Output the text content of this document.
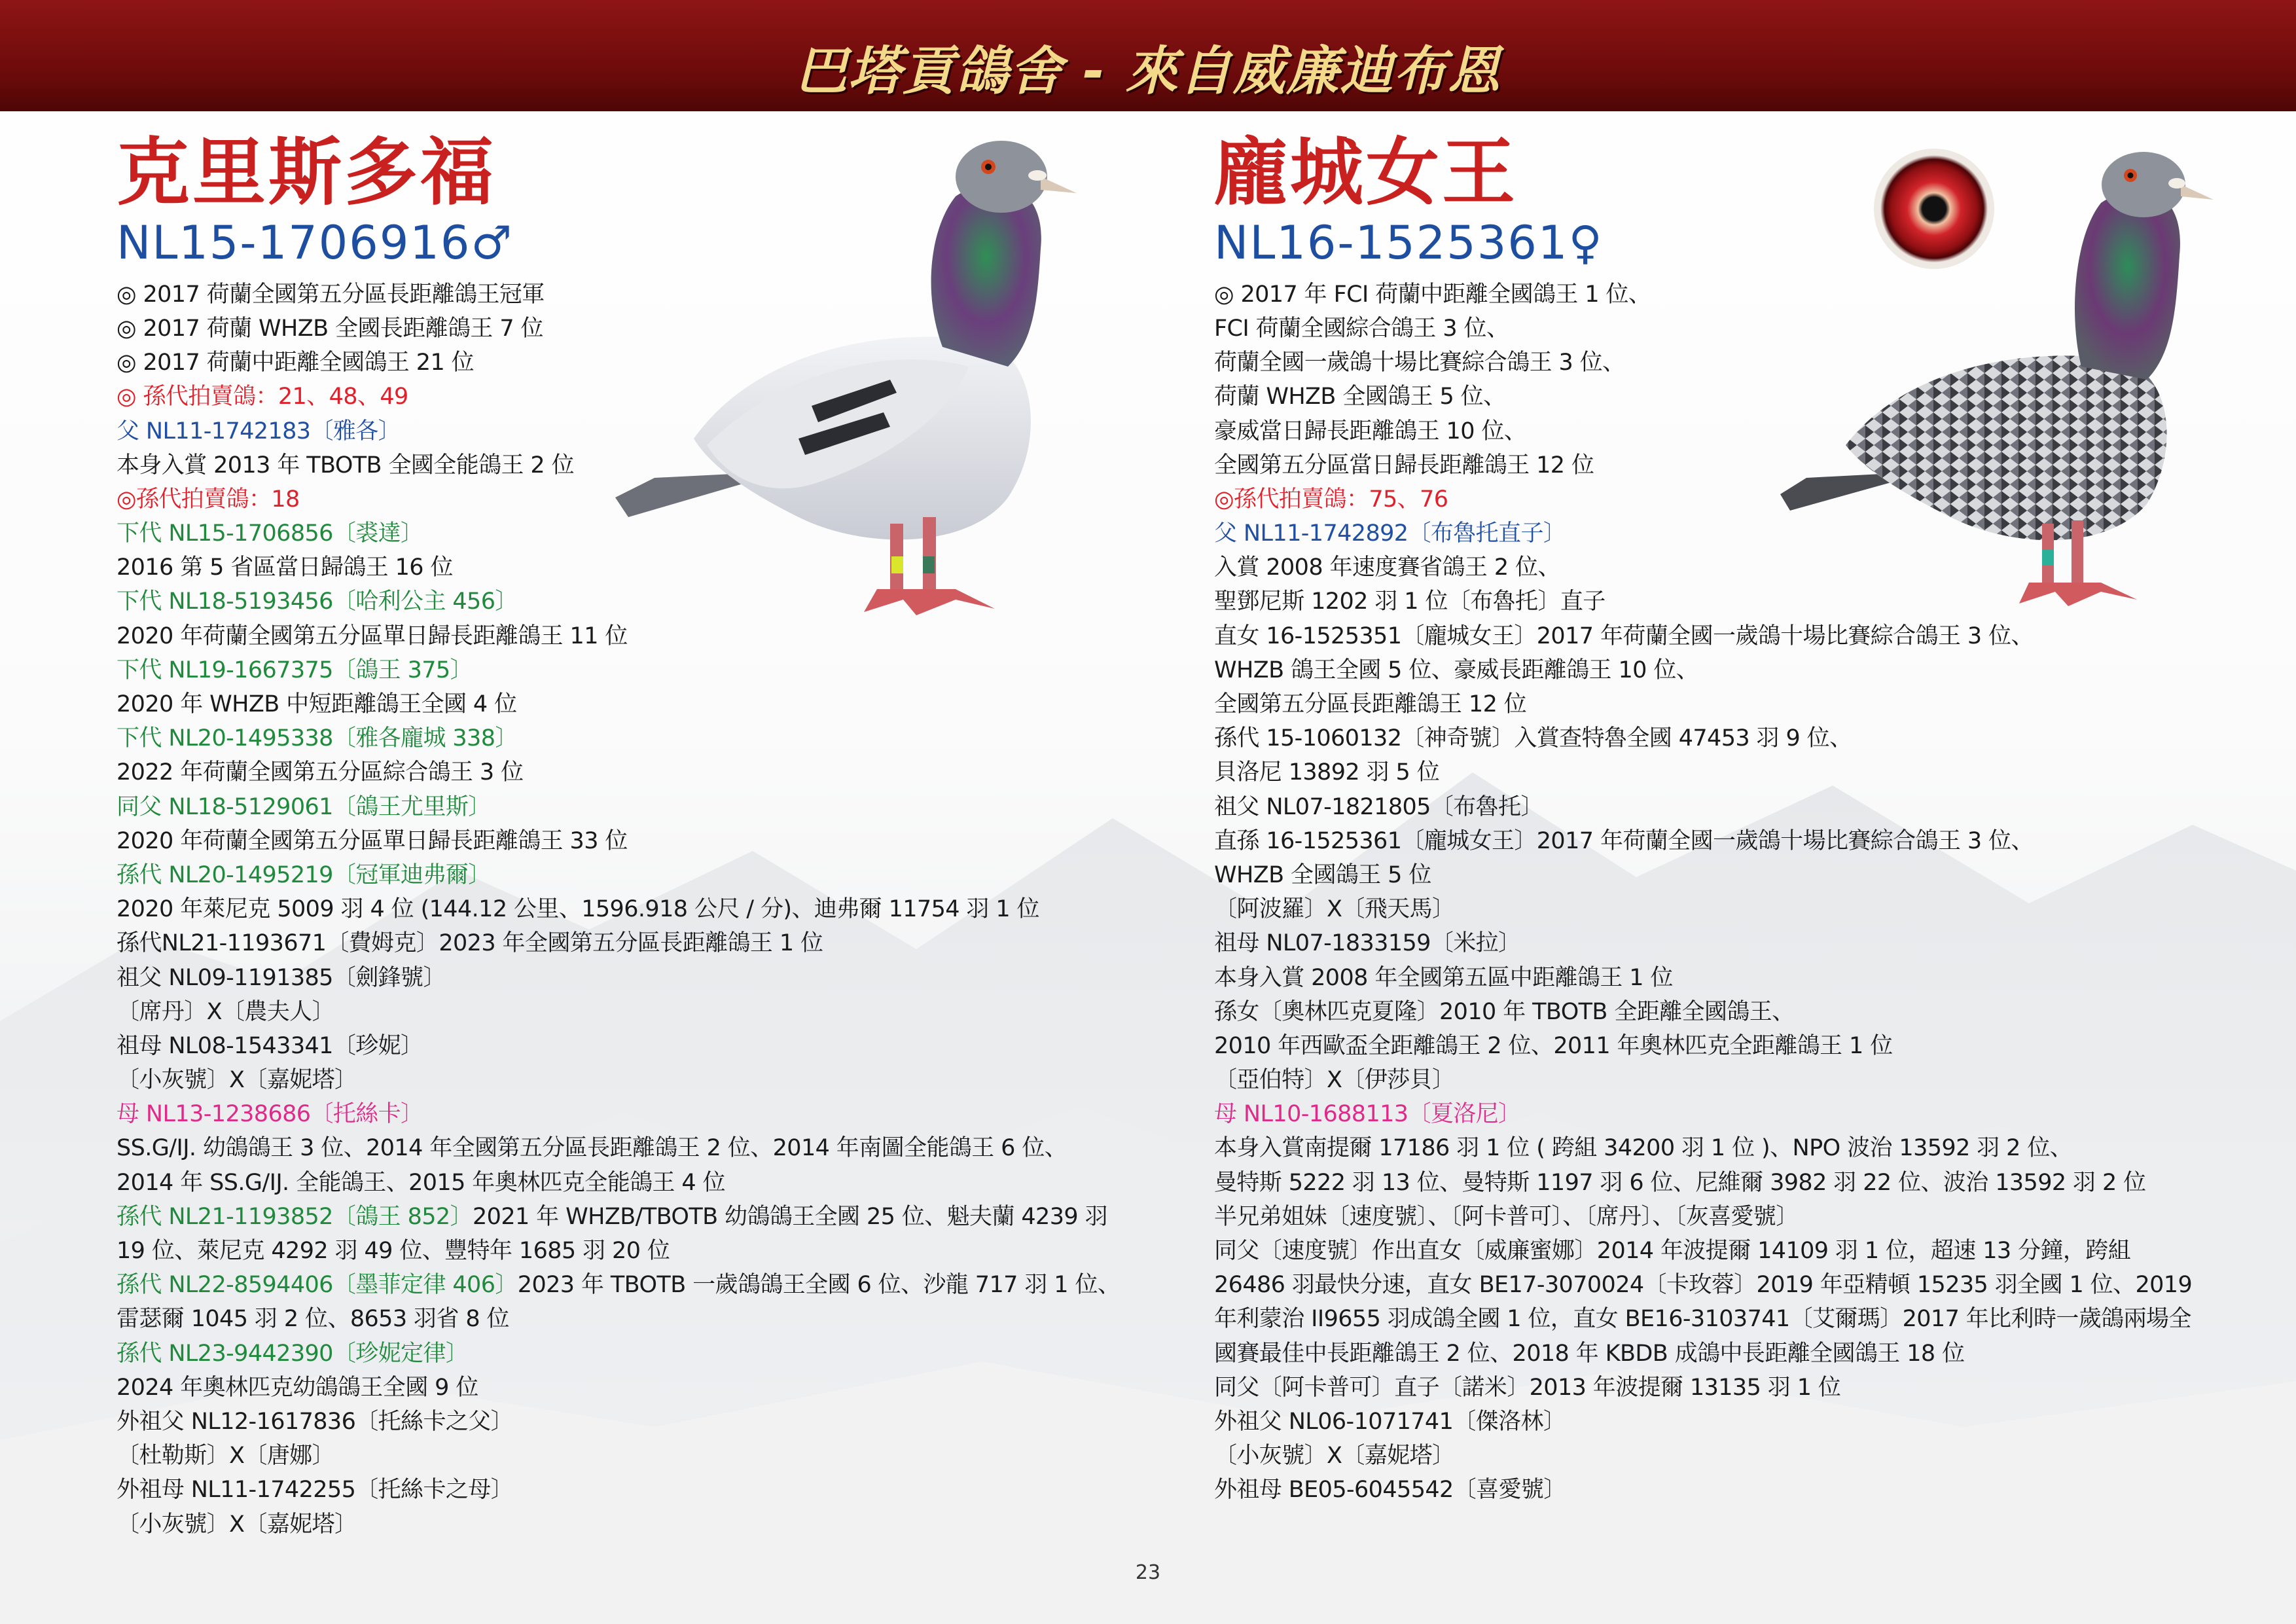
巴塔貢鴿舍 - 來自威廉迪布恩
克里斯多福
NL15-1706916♂
◎ 2017 荷蘭全國第五分區長距離鴿王冠軍
◎ 2017 荷蘭 WHZB 全國長距離鴿王 7 位
◎ 2017 荷蘭中距離全國鴿王 21 位
◎ 孫代拍賣鴿：21、48、49
父 NL11-1742183〔雅各〕
本身入賞 2013 年 TBOTB 全國全能鴿王 2 位
◎孫代拍賣鴿：18
下代 NL15-1706856〔裘達〕
2016 第 5 省區當日歸鴿王 16 位
下代 NL18-5193456〔哈利公主 456〕
2020 年荷蘭全國第五分區單日歸長距離鴿王 11 位
下代 NL19-1667375〔鴿王 375〕
2020 年 WHZB 中短距離鴿王全國 4 位
下代 NL20-1495338〔雅各龐城 338〕
2022 年荷蘭全國第五分區綜合鴿王 3 位
同父 NL18-5129061〔鴿王尤里斯〕
2020 年荷蘭全國第五分區單日歸長距離鴿王 33 位
孫代 NL20-1495219〔冠軍迪弗爾〕
2020 年萊尼克 5009 羽 4 位 (144.12 公里、1596.918 公尺 / 分)、迪弗爾 11754 羽 1 位
孫代NL21-1193671〔費姆克〕2023 年全國第五分區長距離鴿王 1 位
祖父 NL09-1191385〔劍鋒號〕
〔席丹〕X〔農夫人〕
祖母 NL08-1543341〔珍妮〕
〔小灰號〕X〔嘉妮塔〕
母 NL13-1238686〔托絲卡〕
SS.G/IJ. 幼鴿鴿王 3 位、2014 年全國第五分區長距離鴿王 2 位、2014 年南圖全能鴿王 6 位、
2014 年 SS.G/IJ. 全能鴿王、2015 年奧林匹克全能鴿王 4 位
孫代 NL21-1193852〔鴿王 852〕2021 年 WHZB/TBOTB 幼鴿鴿王全國 25 位、魁夫蘭 4239 羽
19 位、萊尼克 4292 羽 49 位、豐特年 1685 羽 20 位
孫代 NL22-8594406〔墨菲定律 406〕2023 年 TBOTB 一歲鴿鴿王全國 6 位、沙龍 717 羽 1 位、
雷瑟爾 1045 羽 2 位、8653 羽省 8 位
孫代 NL23-9442390〔珍妮定律〕
2024 年奧林匹克幼鴿鴿王全國 9 位
外祖父 NL12-1617836〔托絲卡之父〕
〔杜勒斯〕X〔唐娜〕
外祖母 NL11-1742255〔托絲卡之母〕
〔小灰號〕X〔嘉妮塔〕
龐城女王
NL16-1525361♀
◎ 2017 年 FCI 荷蘭中距離全國鴿王 1 位、
FCI 荷蘭全國綜合鴿王 3 位、
荷蘭全國一歲鴿十場比賽綜合鴿王 3 位、
荷蘭 WHZB 全國鴿王 5 位、
豪威當日歸長距離鴿王 10 位、
全國第五分區當日歸長距離鴿王 12 位
◎孫代拍賣鴿：75、76
父 NL11-1742892〔布魯托直子〕
入賞 2008 年速度賽省鴿王 2 位、
聖鄧尼斯 1202 羽 1 位〔布魯托〕直子
直女 16-1525351〔龐城女王〕2017 年荷蘭全國一歲鴿十場比賽綜合鴿王 3 位、
WHZB 鴿王全國 5 位、豪威長距離鴿王 10 位、
全國第五分區長距離鴿王 12 位
孫代 15-1060132〔神奇號〕入賞查特魯全國 47453 羽 9 位、
貝洛尼 13892 羽 5 位
祖父 NL07-1821805〔布魯托〕
直孫 16-1525361〔龐城女王〕2017 年荷蘭全國一歲鴿十場比賽綜合鴿王 3 位、
WHZB 全國鴿王 5 位
〔阿波羅〕X〔飛天馬〕
祖母 NL07-1833159〔米拉〕
本身入賞 2008 年全國第五區中距離鴿王 1 位
孫女〔奧林匹克夏隆〕2010 年 TBOTB 全距離全國鴿王、
2010 年西歐盃全距離鴿王 2 位、2011 年奧林匹克全距離鴿王 1 位
〔亞伯特〕X〔伊莎貝〕
母 NL10-1688113〔夏洛尼〕
本身入賞南提爾 17186 羽 1 位 ( 跨組 34200 羽 1 位 )、NPO 波治 13592 羽 2 位、
曼特斯 5222 羽 13 位、曼特斯 1197 羽 6 位、尼維爾 3982 羽 22 位、波治 13592 羽 2 位
半兄弟姐妹〔速度號〕、〔阿卡普可〕、〔席丹〕、〔灰喜愛號〕
同父〔速度號〕作出直女〔威廉蜜娜〕2014 年波提爾 14109 羽 1 位，超速 13 分鐘，跨組
26486 羽最快分速，直女 BE17-3070024〔卡玫蓉〕2019 年亞精頓 15235 羽全國 1 位、2019
年利蒙治 II9655 羽成鴿全國 1 位，直女 BE16-3103741〔艾爾瑪〕2017 年比利時一歲鴿兩場全
國賽最佳中長距離鴿王 2 位、2018 年 KBDB 成鴿中長距離全國鴿王 18 位
同父〔阿卡普可〕直子〔諾米〕2013 年波提爾 13135 羽 1 位
外祖父 NL06-1071741〔傑洛林〕
〔小灰號〕X〔嘉妮塔〕
外祖母 BE05-6045542〔喜愛號〕
23
